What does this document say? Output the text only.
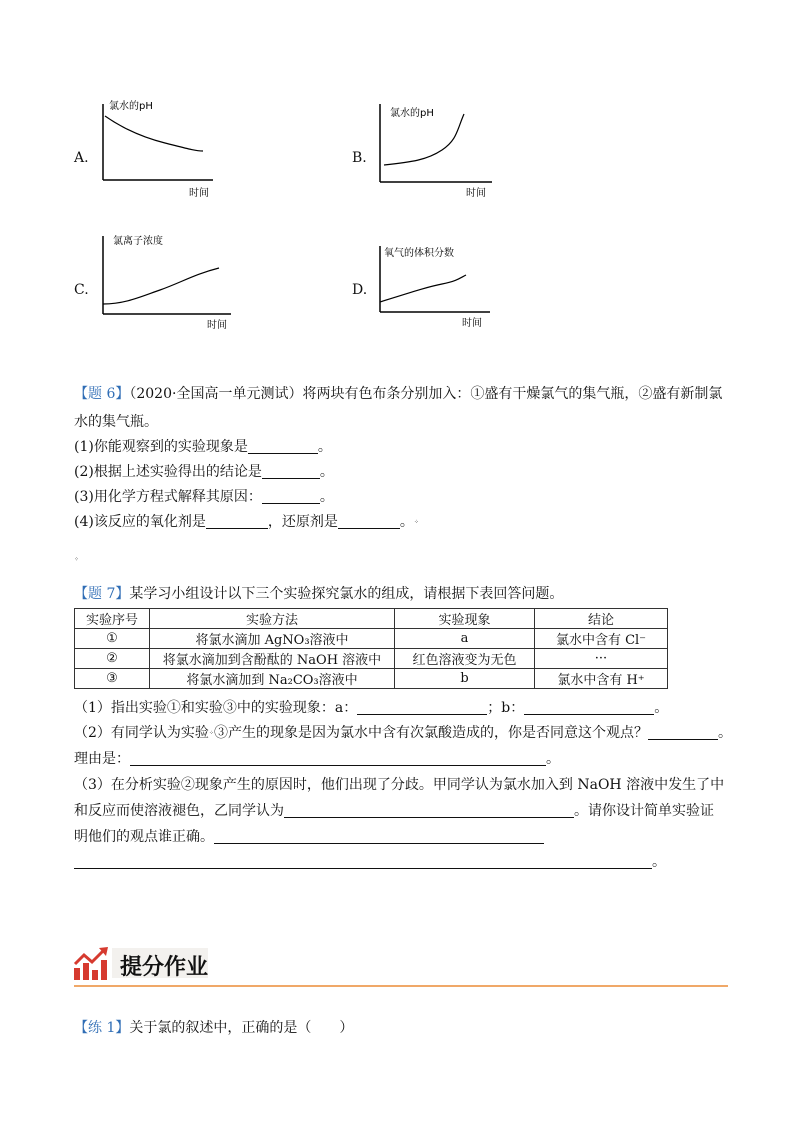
A.
氯水的pH
时间
B.
氯水的pH
时间
C.
氯离子浓度
时间
D.
氧气的体积分数
时间
【题 6】（2020·全国高一单元测试）将两块有色布条分别加入：①盛有干燥氯气的集气瓶，②盛有新制氯
水的集气瓶。
(1)你能观察到的实验现象是	。
(2)根据上述实验得出的结论是	。
(3)用化学方程式解释其原因：	。
(4)该反应的氧化剂是	，还原剂是	。⁘
⁘
【题 7】某学习小组设计以下三个实验探究氯水的组成，请根据下表回答问题。
实验序号	实验方法	实验现象	结论
①	将氯水滴加 AgNO₃溶液中	a	氯水中含有 Cl⁻
②	将氯水滴加到含酚酞的 NaOH 溶液中	红色溶液变为无色	···
③	将氯水滴加到 Na₂CO₃溶液中	b	氯水中含有 H⁺
（1）指出实验①和实验③中的实验现象：a：	；b：	。
（2）有同学认为实验⁘③产生的现象是因为氯水中含有次氯酸造成的，你是否同意这个观点？	。
理由是：	。
（3）在分析实验②现象产生的原因时，他们出现了分歧。甲同学认为氯水加入到 NaOH 溶液中发生了中
和反应而使溶液褪色，乙同学认为	。请你设计简单实验证
明他们的观点谁正确。
。
提分作业
【练 1】关于氯的叙述中，正确的是（　　）
